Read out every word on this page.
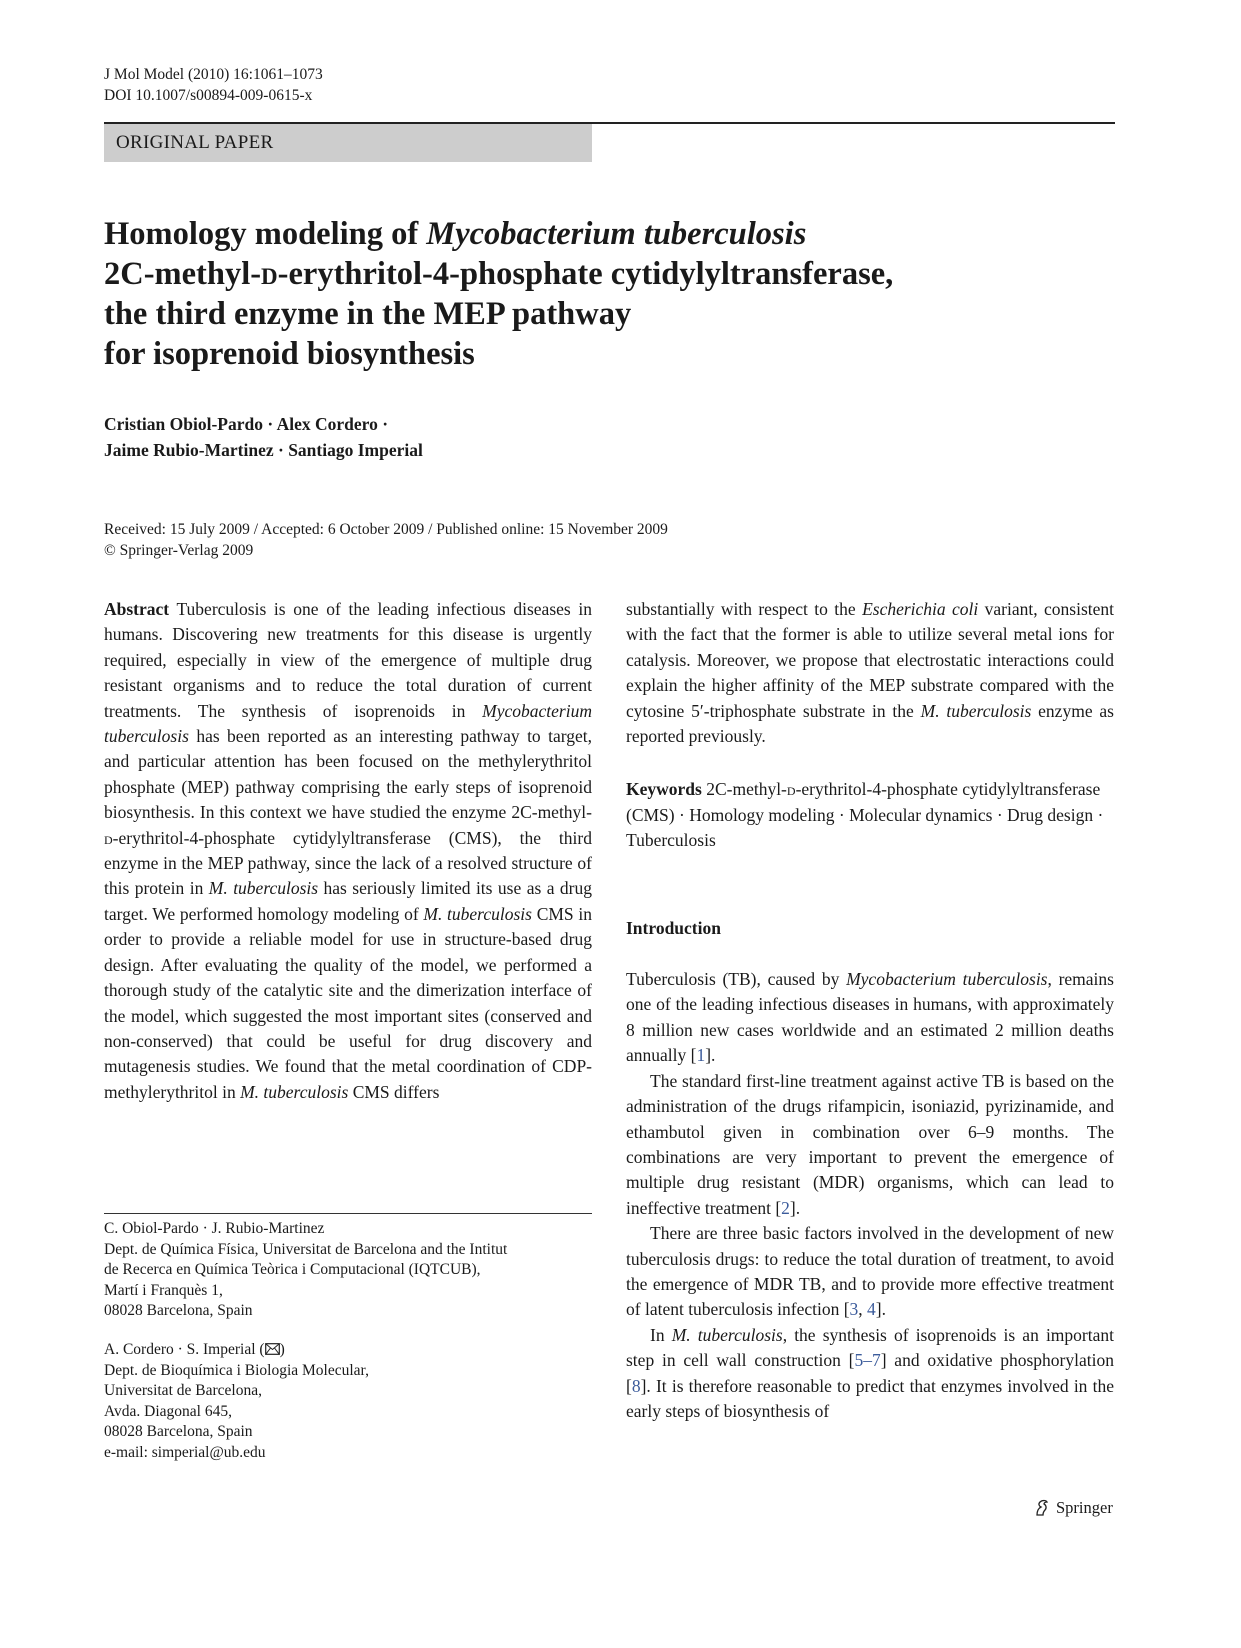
J Mol Model (2010) 16:1061–1073
DOI 10.1007/s00894-009-0615-x
ORIGINAL PAPER
Homology modeling of Mycobacterium tuberculosis
2C-methyl-d-erythritol-4-phosphate cytidylyltransferase,
the third enzyme in the MEP pathway
for isoprenoid biosynthesis
Cristian Obiol-Pardo · Alex Cordero ·
Jaime Rubio-Martinez · Santiago Imperial
Received: 15 July 2009 / Accepted: 6 October 2009 / Published online: 15 November 2009
© Springer-Verlag 2009

Abstract Tuberculosis is one of the leading infectious diseases in humans. Discovering new treatments for this disease is urgently required, especially in view of the emergence of multiple drug resistant organisms and to reduce the total duration of current treatments. The synthesis of isoprenoids in Mycobacterium tuberculosis has been reported as an interesting pathway to target, and particular attention has been focused on the methylerythritol phosphate (MEP) pathway comprising the early steps of isoprenoid biosynthesis. In this context we have studied the enzyme 2C-methyl-d-erythritol-4-phosphate cytidylyltransferase (CMS), the third enzyme in the MEP pathway, since the lack of a resolved structure of this protein in M. tuberculosis has seriously limited its use as a drug target. We performed homology modeling of M. tuberculosis CMS in order to provide a reliable model for use in structure-based drug design. After evaluating the quality of the model, we performed a thorough study of the catalytic site and the dimerization interface of the model, which suggested the most important sites (conserved and non-conserved) that could be useful for drug discovery and mutagenesis studies. We found that the metal coordination of CDP-methylerythritol in M. tuberculosis CMS differs

substantially with respect to the Escherichia coli variant, consistent with the fact that the former is able to utilize several metal ions for catalysis. Moreover, we propose that electrostatic interactions could explain the higher affinity of the MEP substrate compared with the cytosine 5′-triphosphate substrate in the M. tuberculosis enzyme as reported previously.

Keywords 2C-methyl-d-erythritol-4-phosphate cytidylyltransferase (CMS) · Homology modeling · Molecular dynamics · Drug design · Tuberculosis

Introduction

Tuberculosis (TB), caused by Mycobacterium tuberculosis, remains one of the leading infectious diseases in humans, with approximately 8 million new cases worldwide and an estimated 2 million deaths annually [1].

The standard first-line treatment against active TB is based on the administration of the drugs rifampicin, isoniazid, pyrizinamide, and ethambutol given in combination over 6–9 months. The combinations are very important to prevent the emergence of multiple drug resistant (MDR) organisms, which can lead to ineffective treatment [2].

There are three basic factors involved in the development of new tuberculosis drugs: to reduce the total duration of treatment, to avoid the emergence of MDR TB, and to provide more effective treatment of latent tuberculosis infection [3, 4].

In M. tuberculosis, the synthesis of isoprenoids is an important step in cell wall construction [5–7] and oxidative phosphorylation [8]. It is therefore reasonable to predict that enzymes involved in the early steps of biosynthesis of

C. Obiol-Pardo · J. Rubio-Martinez

Dept. de Química Física, Universitat de Barcelona and the Intitut

de Recerca en Química Teòrica i Computacional (IQTCUB),

Martí i Franquès 1,

08028 Barcelona, Spain

A. Cordero · S. Imperial ( )

Dept. de Bioquímica i Biologia Molecular,

Universitat de Barcelona,

Avda. Diagonal 645,

08028 Barcelona, Spain

e-mail: simperial@ub.edu

Springer
